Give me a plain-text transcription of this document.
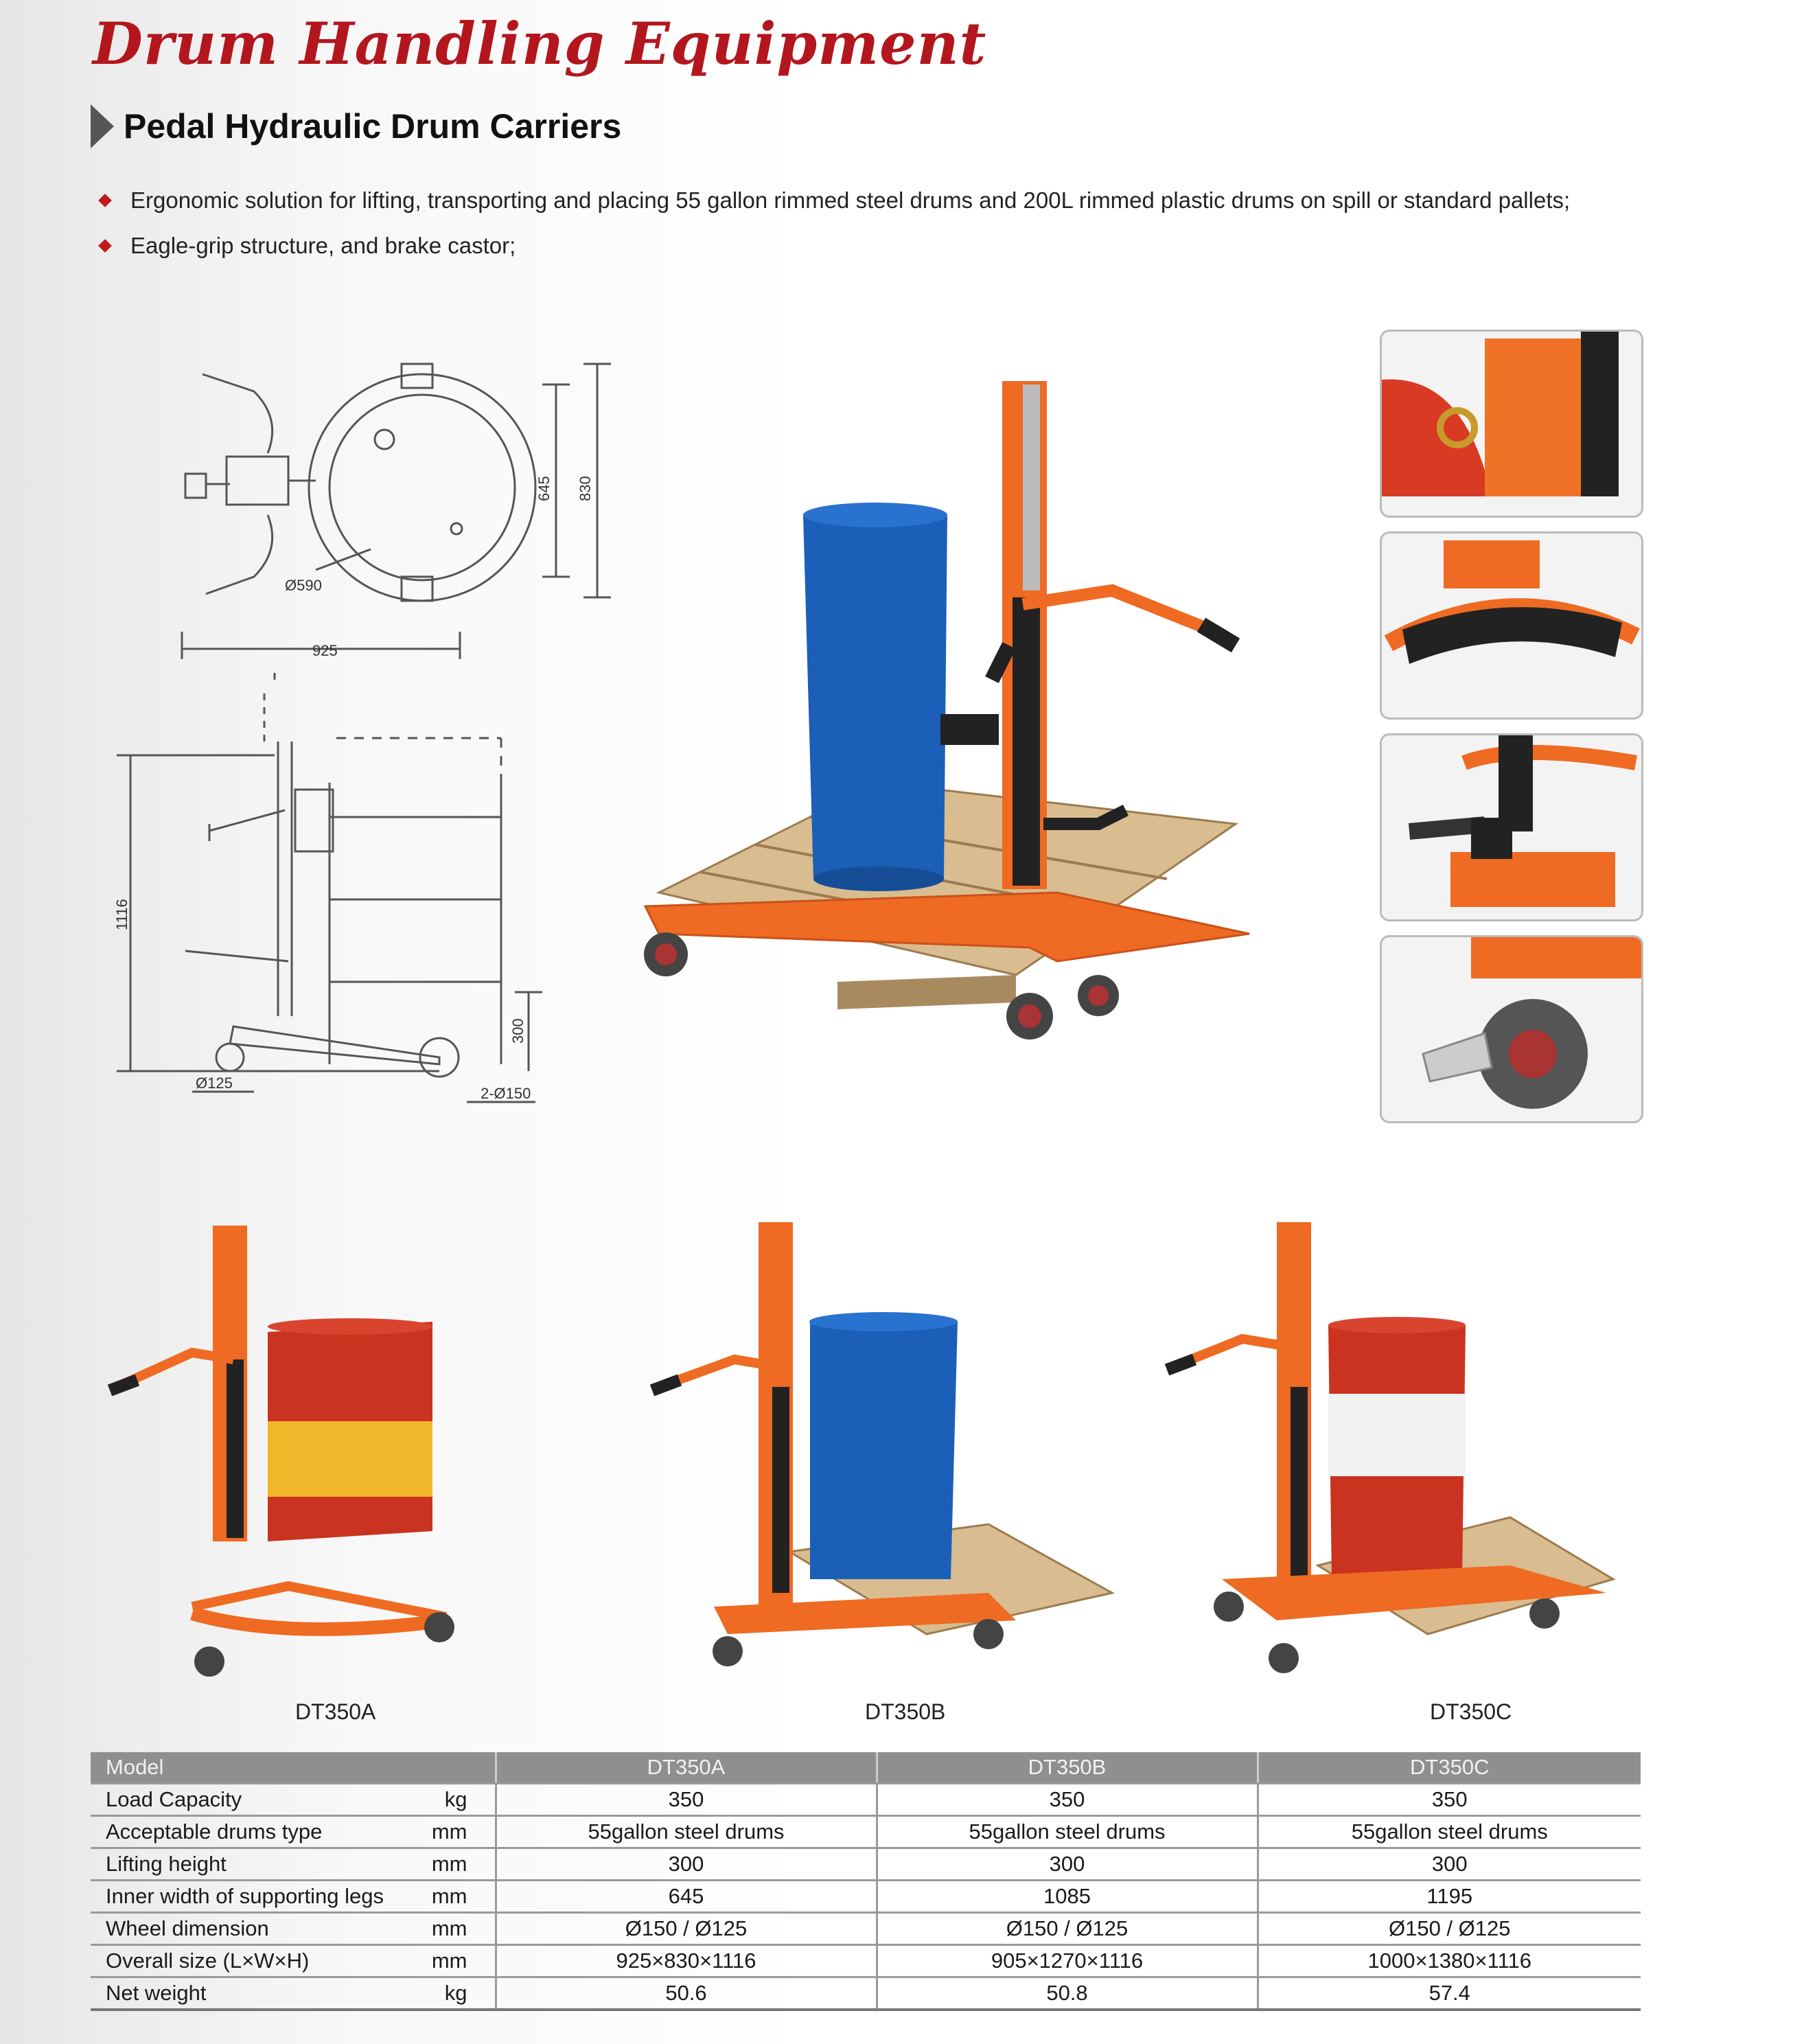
Drum Handling Equipment
Pedal Hydraulic Drum Carriers
Ergonomic solution for lifting, transporting and placing 55 gallon rimmed steel drums and 200L rimmed plastic drums on spill or standard pallets;
Eagle-grip structure, and brake castor;
925
645 830
Ø590
1116
300
Ø125
2-Ø150
DT350A	DT350B	DT350C
Model		DT350A	DT350B	DT350C
Load Capacity	kg	350	350	350
Acceptable drums type	mm	55gallon steel drums	55gallon steel drums	55gallon steel drums
Lifting height	mm	300	300	300
Inner width of supporting legs	mm	645	1085	1195
Wheel dimension	mm	Ø150 / Ø125	Ø150 / Ø125	Ø150 / Ø125
Overall size (L×W×H)	mm	925×830×1116	905×1270×1116	1000×1380×1116
Net weight	kg	50.6	50.8	57.4
